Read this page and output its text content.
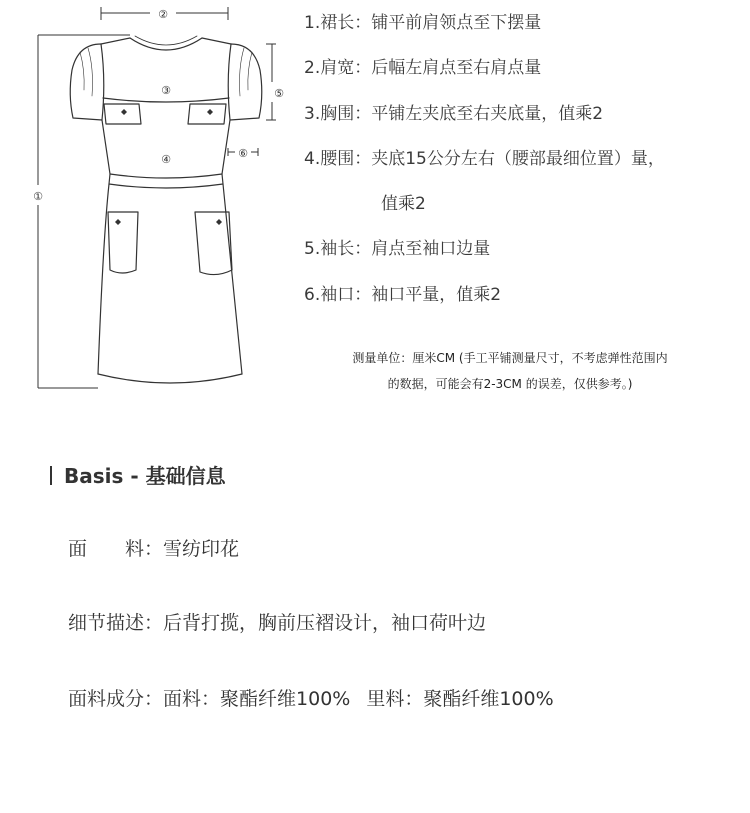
②
①
③
④
⑤
⑥
1.裙长：铺平前肩领点至下摆量
2.肩宽：后幅左肩点至右肩点量
3.胸围：平铺左夹底至右夹底量，值乘2
4.腰围：夹底15公分左右（腰部最细位置）量，
值乘2
5.袖长：肩点至袖口边量
6.袖口：袖口平量，值乘2
测量单位：厘米CM (手工平铺测量尺寸，不考虑弹性范围内
的数据，可能会有2-3CM 的误差，仅供参考。)
Basis - 基础信息
面 料：雪纺印花
细节描述：后背打揽，胸前压褶设计，袖口荷叶边
面料成分：面料：聚酯纤维100% 里料：聚酯纤维100%
